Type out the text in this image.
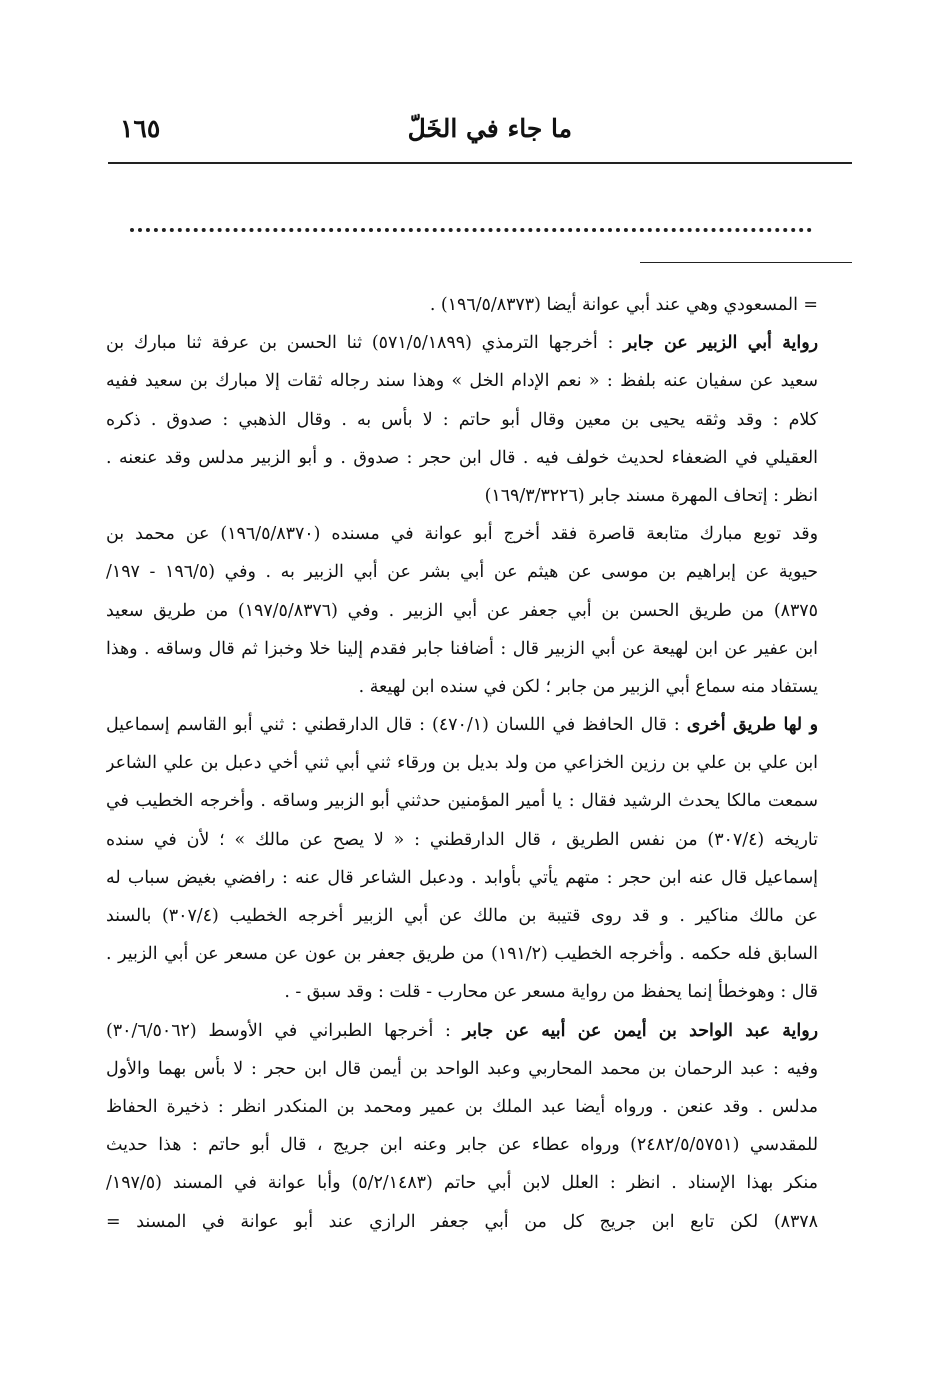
ما جاء في الخَلّ
١٦٥
= المسعودي وهي عند أبي عوانة أيضا (١٩٦/٥/٨٣٧٣) .
رواية أبي الزبير عن جابر : أخرجها الترمذي (٥٧١/٥/١٨٩٩) ثنا الحسن بن عرفة ثنا مبارك بن
سعيد عن سفيان عنه بلفظ : « نعم الإدام الخل » وهذا سند رجاله ثقات إلا مبارك بن سعيد ففيه
كلام : وقد وثقه يحيى بن معين وقال أبو حاتم : لا بأس به . وقال الذهبي : صدوق . ذكره
العقيلي في الضعفاء لحديث خولف فيه . قال ابن حجر : صدوق . و أبو الزبير مدلس وقد عنعنه .
انظر : إتحاف المهرة مسند جابر (١٦٩/٣/٣٢٢٦)
وقد توبع مبارك متابعة قاصرة فقد أخرج أبو عوانة في مسنده (١٩٦/٥/٨٣٧٠) عن محمد بن
حيوية عن إبراهيم بن موسى عن هيثم عن أبي بشر عن أبي الزبير به . وفي (١٩٦/٥ - ١٩٧/
٨٣٧٥) من طريق الحسن بن أبي جعفر عن أبي الزبير . وفي (١٩٧/٥/٨٣٧٦) من طريق سعيد
ابن عفير عن ابن لهيعة عن أبي الزبير قال : أضافنا جابر فقدم إلينا خلا وخبزا ثم قال وساقه . وهذا
يستفاد منه سماع أبي الزبير من جابر ؛ لكن في سنده ابن لهيعة .
و لها طريق أخرى : قال الحافظ في اللسان (٤٧٠/١) : قال الدارقطني : ثني أبو القاسم إسماعيل
ابن علي بن علي بن رزين الخزاعي من ولد بديل بن ورقاء ثني أبي ثني أخي دعبل بن علي الشاعر
سمعت مالكا يحدث الرشيد فقال : يا أمير المؤمنين حدثني أبو الزبير وساقه . وأخرجه الخطيب في
تاريخه (٣٠٧/٤) من نفس الطريق ، قال الدارقطني : « لا يصح عن مالك » ؛ لأن في سنده
إسماعيل قال عنه ابن حجر : متهم يأتي بأوابد . ودعبل الشاعر قال عنه : رافضي بغيض سباب له
عن مالك مناكير . و قد روى قتيبة بن مالك عن أبي الزبير أخرجه الخطيب (٣٠٧/٤) بالسند
السابق فله حكمه . وأخرجه الخطيب (١٩١/٢) من طريق جعفر بن عون عن مسعر عن أبي الزبير .
قال : وهوخطأ إنما يحفظ من رواية مسعر عن محارب - قلت : وقد سبق - .
رواية عبد الواحد بن أيمن عن أبيه عن جابر : أخرجها الطبراني في الأوسط (٣٠/٦/٥٠٦٢)
وفيه : عبد الرحمان بن محمد المحاربي وعبد الواحد بن أيمن قال ابن حجر : لا بأس بهما والأول
مدلس . وقد عنعن . ورواه أيضا عبد الملك بن عمير ومحمد بن المنكدر انظر : ذخيرة الحفاظ
للمقدسي (٢٤٨٢/٥/٥٧٥١) ورواه عطاء عن جابر وعنه ابن جريج ، قال أبو حاتم : هذا حديث
منكر بهذا الإسناد . انظر : العلل لابن أبي حاتم (٥/٢/١٤٨٣) وأبا عوانة في المسند (١٩٧/٥/
٨٣٧٨) لكن تابع ابن جريج كل من أبي جعفر الرازي عند أبو عوانة في المسند =
